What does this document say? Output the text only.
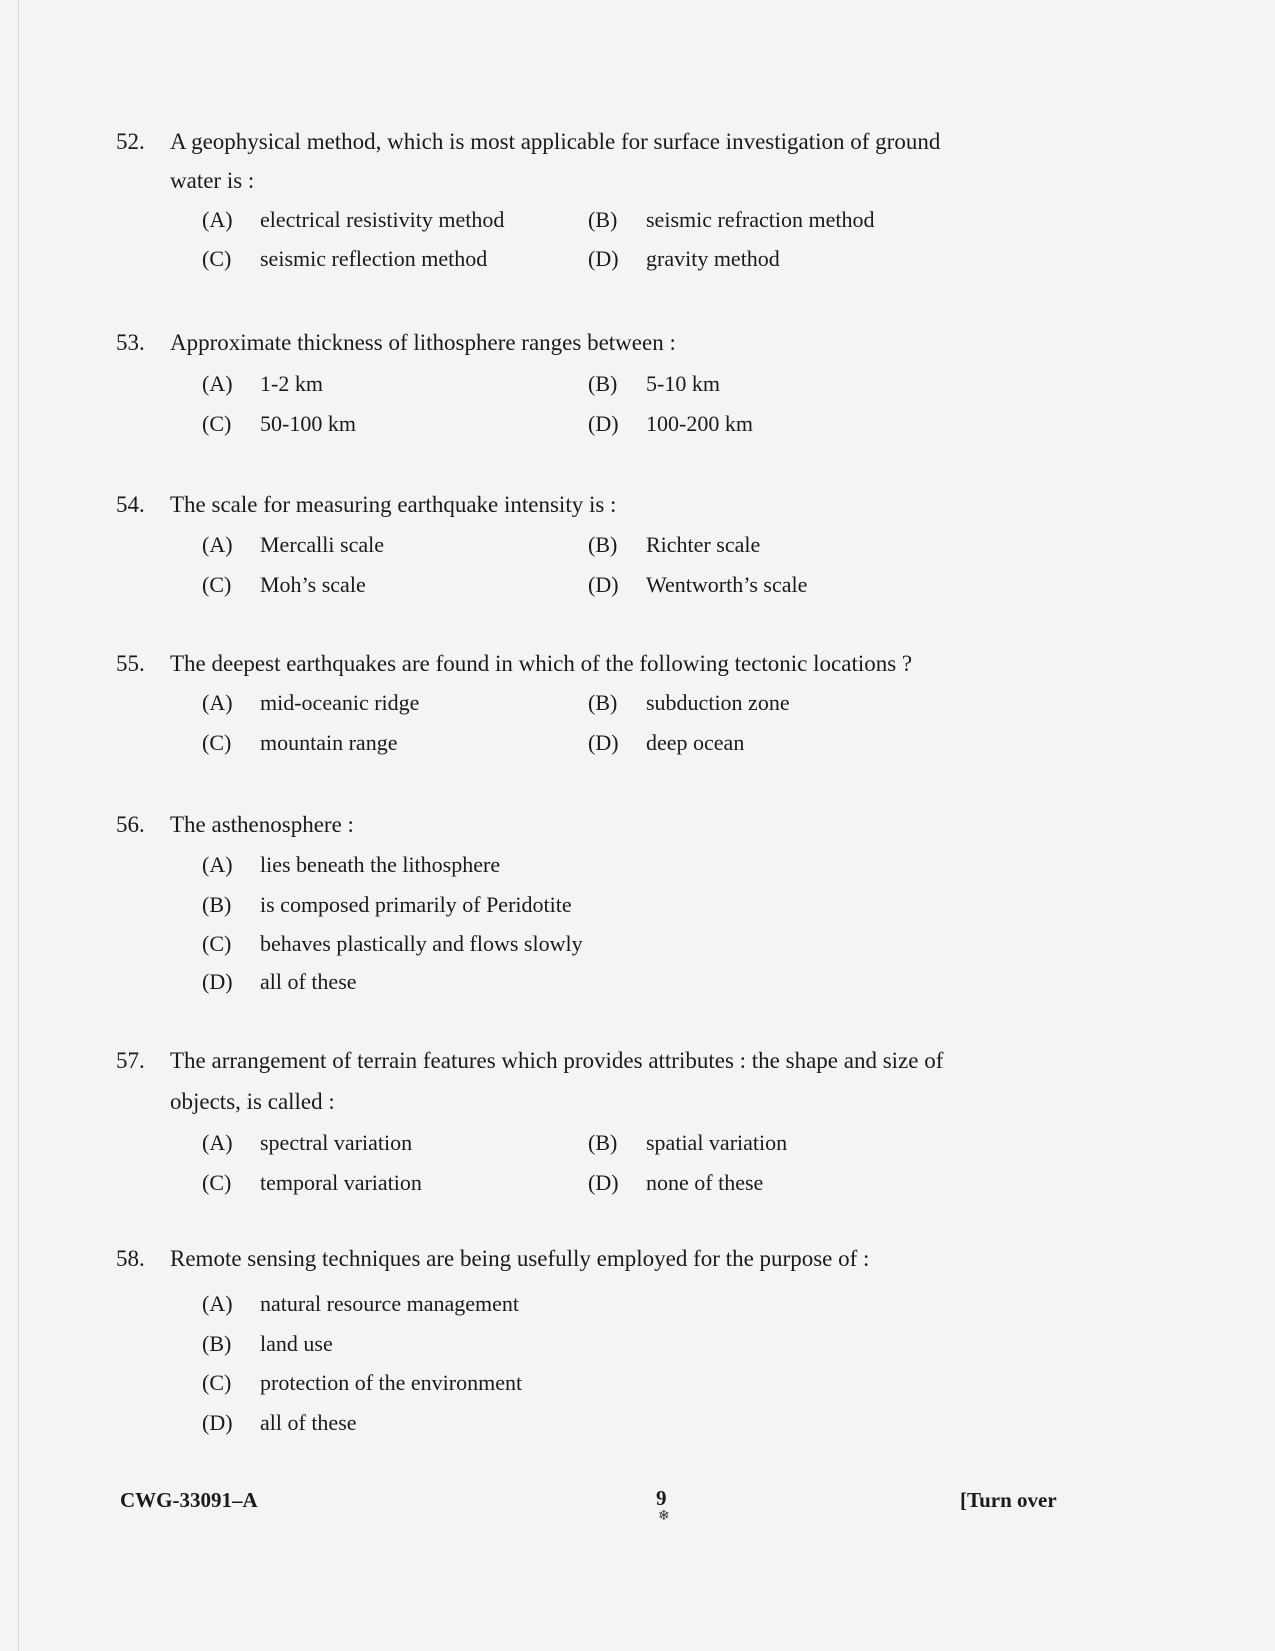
52. A geophysical method, which is most applicable for surface investigation of ground
water is :
(A) electrical resistivity method	(B) seismic refraction method
(C) seismic reflection method	(D) gravity method
53. Approximate thickness of lithosphere ranges between :
(A) 1-2 km	(B) 5-10 km
(C) 50-100 km	(D) 100-200 km
54. The scale for measuring earthquake intensity is :
(A) Mercalli scale	(B) Richter scale
(C) Moh’s scale	(D) Wentworth’s scale
55. The deepest earthquakes are found in which of the following tectonic locations ?
(A) mid-oceanic ridge	(B) subduction zone
(C) mountain range	(D) deep ocean
56. The asthenosphere :
(A) lies beneath the lithosphere
(B) is composed primarily of Peridotite
(C) behaves plastically and flows slowly
(D) all of these
57. The arrangement of terrain features which provides attributes : the shape and size of
objects, is called :
(A) spectral variation	(B) spatial variation
(C) temporal variation	(D) none of these
58. Remote sensing techniques are being usefully employed for the purpose of :
(A) natural resource management
(B) land use
(C) protection of the environment
(D) all of these
CWG-33091–A	9
❄
[Turn over
